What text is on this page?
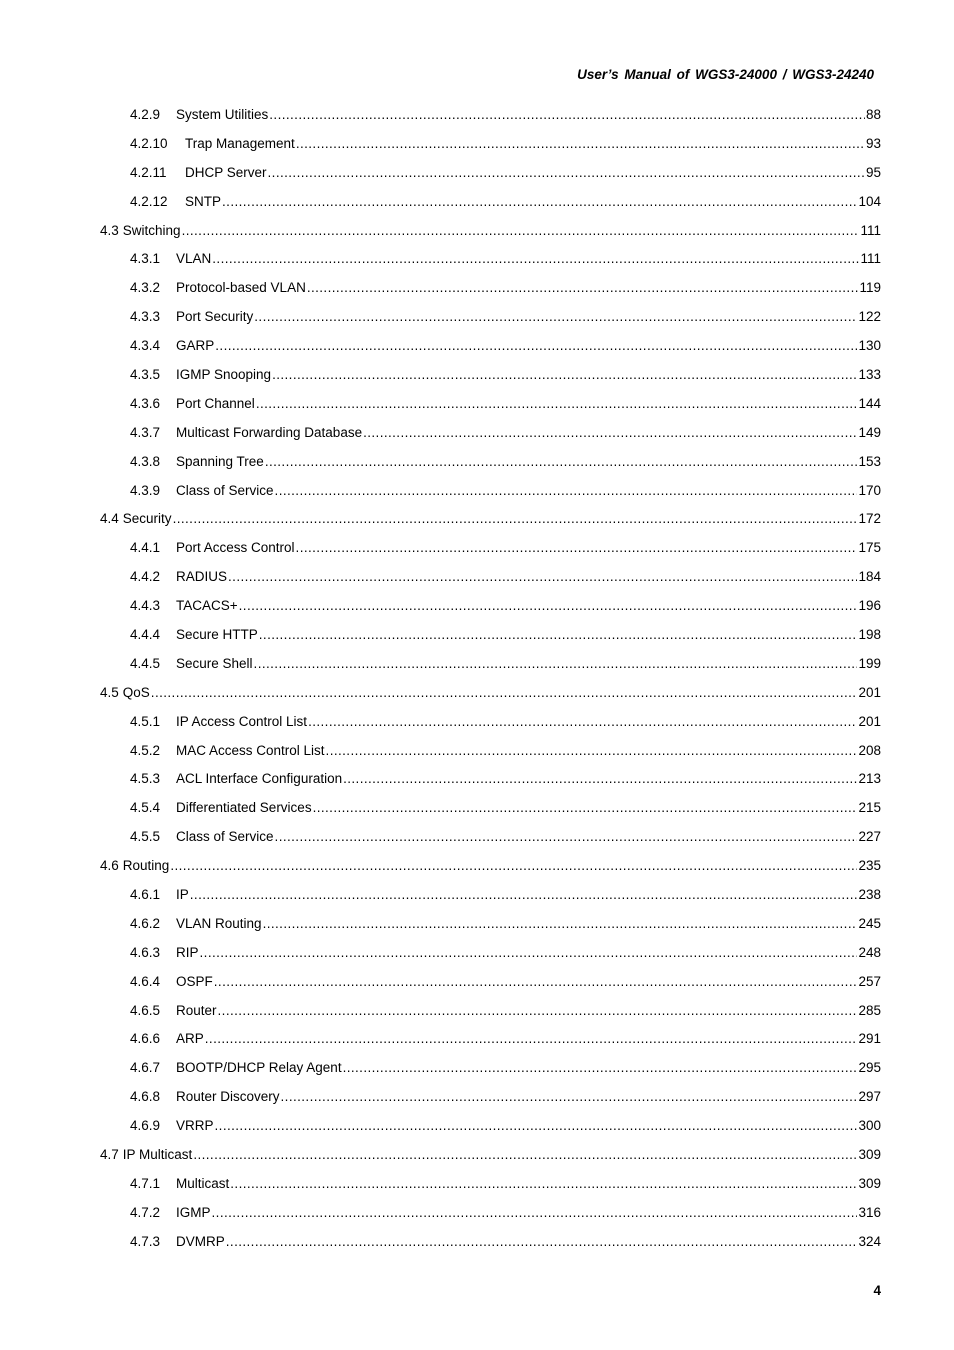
User’s Manual of WGS3-24000 / WGS3-24240
4.2.9	System Utilities .....	88
4.2.10	Trap Management .....	93
4.2.11	DHCP Server .....	95
4.2.12	SNTP .....	104
4.3 Switching .....	111
4.3.1	VLAN .....	111
4.3.2	Protocol-based VLAN .....	119
4.3.3	Port Security .....	122
4.3.4	GARP .....	130
4.3.5	IGMP Snooping .....	133
4.3.6	Port Channel .....	144
4.3.7	Multicast Forwarding Database .....	149
4.3.8	Spanning Tree .....	153
4.3.9	Class of Service .....	170
4.4 Security .....	172
4.4.1	Port Access Control .....	175
4.4.2	RADIUS .....	184
4.4.3	TACACS+ .....	196
4.4.4	Secure HTTP .....	198
4.4.5	Secure Shell .....	199
4.5 QoS .....	201
4.5.1	IP Access Control List .....	201
4.5.2	MAC Access Control List .....	208
4.5.3	ACL Interface Configuration .....	213
4.5.4	Differentiated Services .....	215
4.5.5	Class of Service .....	227
4.6 Routing .....	235
4.6.1	IP .....	238
4.6.2	VLAN Routing .....	245
4.6.3	RIP .....	248
4.6.4	OSPF .....	257
4.6.5	Router .....	285
4.6.6	ARP .....	291
4.6.7	BOOTP/DHCP Relay Agent .....	295
4.6.8	Router Discovery .....	297
4.6.9	VRRP .....	300
4.7 IP Multicast .....	309
4.7.1	Multicast .....	309
4.7.2	IGMP .....	316
4.7.3	DVMRP .....	324
4
